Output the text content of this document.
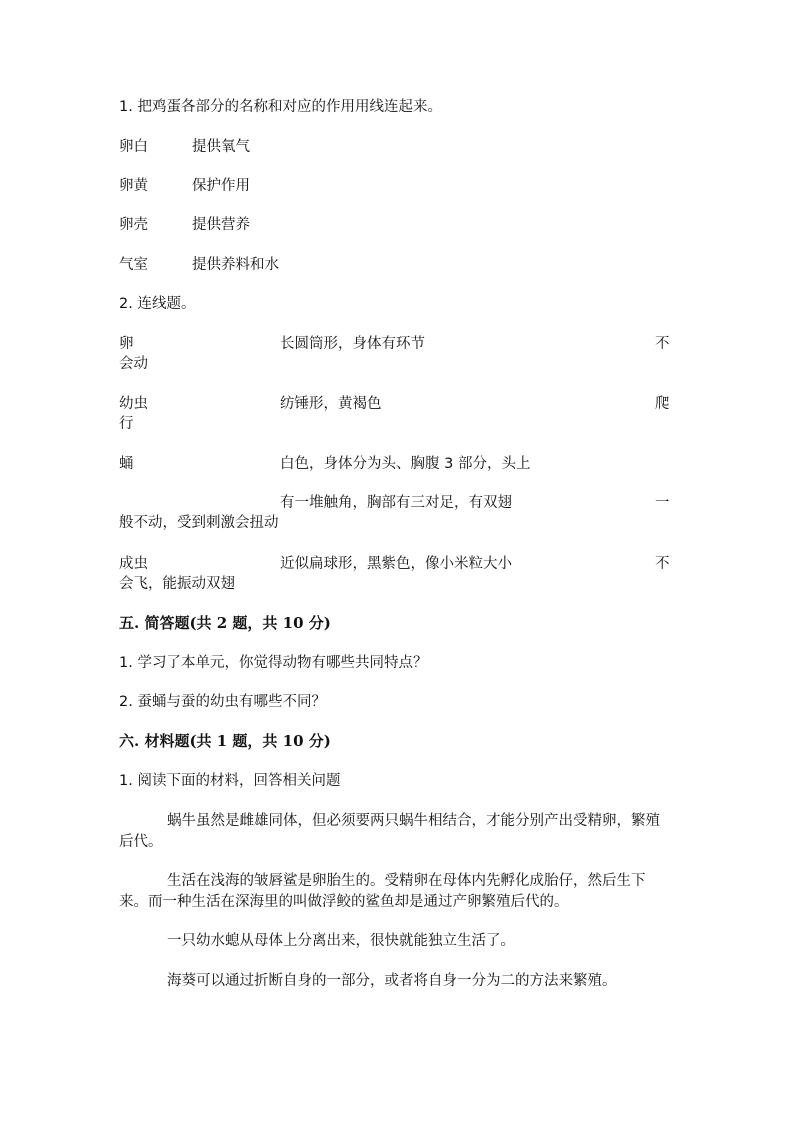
1. 把鸡蛋各部分的名称和对应的作用用线连起来。
卵白	提供氧气
卵黄	保护作用
卵壳	提供营养
气室	提供养料和水
2. 连线题。
卵	长圆筒形，身体有环节	不
会动
幼虫	纺锤形，黄褐色	爬
行
蛹	白色，身体分为头、胸腹 3 部分，头上
有一堆触角，胸部有三对足，有双翅	一
般不动，受到刺激会扭动
成虫	近似扁球形，黑紫色，像小米粒大小	不
会飞，能振动双翅
五. 简答题(共 2 题，共 10 分)
1. 学习了本单元，你觉得动物有哪些共同特点？
2. 蚕蛹与蚕的幼虫有哪些不同？
六. 材料题(共 1 题，共 10 分)
1. 阅读下面的材料，回答相关问题
蜗牛虽然是雌雄同体，但必须要两只蜗牛相结合，才能分别产出受精卵，繁殖后代。
生活在浅海的皱唇鲨是卵胎生的。受精卵在母体内先孵化成胎仔，然后生下来。而一种生活在深海里的叫做浮鲛的鲨鱼却是通过产卵繁殖后代的。
一只幼水螅从母体上分离出来，很快就能独立生活了。
海葵可以通过折断自身的一部分，或者将自身一分为二的方法来繁殖。
